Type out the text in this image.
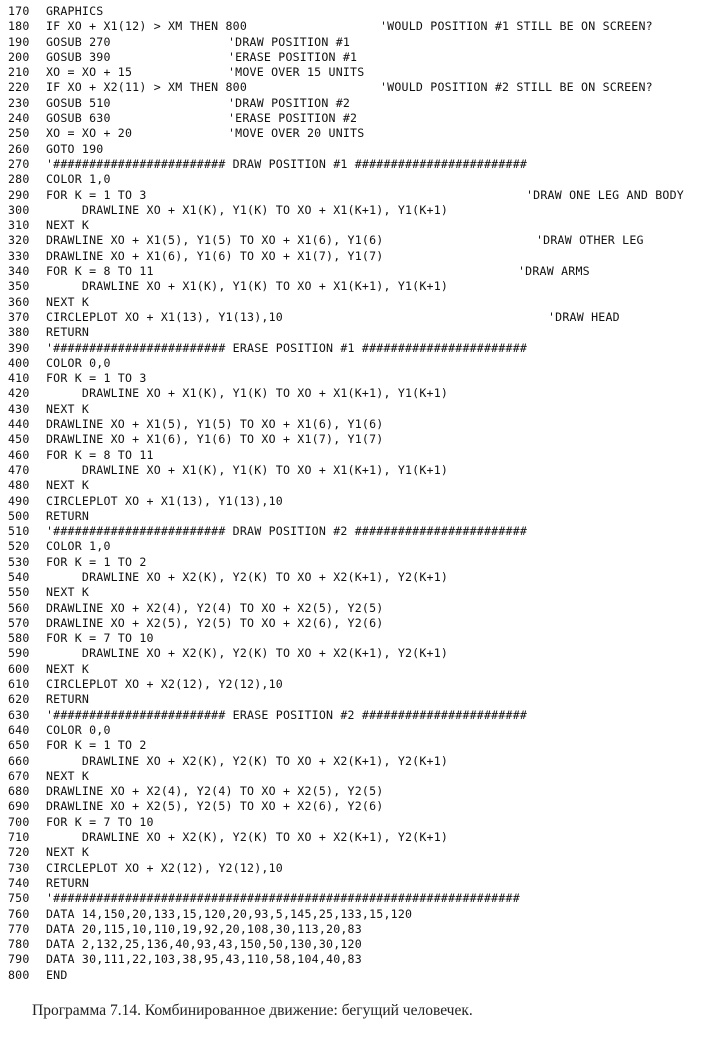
170	GRAPHICS
180	IF XO + X1(12) > XM THEN 800	'WOULD POSITION #1 STILL BE ON SCREEN?
190	GOSUB 270	'DRAW POSITION #1
200	GOSUB 390	'ERASE POSITION #1
210	XO = XO + 15	'MOVE OVER 15 UNITS
220	IF XO + X2(11) > XM THEN 800	'WOULD POSITION #2 STILL BE ON SCREEN?
230	GOSUB 510	'DRAW POSITION #2
240	GOSUB 630	'ERASE POSITION #2
250	XO = XO + 20	'MOVE OVER 20 UNITS
260	GOTO 190
270	'######################## DRAW POSITION #1 ########################
280	COLOR 1,0
290	FOR K = 1 TO 3	'DRAW ONE LEG AND BODY
300	DRAWLINE XO + X1(K), Y1(K) TO XO + X1(K+1), Y1(K+1)
310	NEXT K
320	DRAWLINE XO + X1(5), Y1(5) TO XO + X1(6), Y1(6)	'DRAW OTHER LEG
330	DRAWLINE XO + X1(6), Y1(6) TO XO + X1(7), Y1(7)
340	FOR K = 8 TO 11	'DRAW ARMS
350	DRAWLINE XO + X1(K), Y1(K) TO XO + X1(K+1), Y1(K+1)
360	NEXT K
370	CIRCLEPLOT XO + X1(13), Y1(13),10	'DRAW HEAD
380	RETURN
390	'######################## ERASE POSITION #1 #######################
400	COLOR 0,0
410	FOR K = 1 TO 3
420	DRAWLINE XO + X1(K), Y1(K) TO XO + X1(K+1), Y1(K+1)
430	NEXT K
440	DRAWLINE XO + X1(5), Y1(5) TO XO + X1(6), Y1(6)
450	DRAWLINE XO + X1(6), Y1(6) TO XO + X1(7), Y1(7)
460	FOR K = 8 TO 11
470	DRAWLINE XO + X1(K), Y1(K) TO XO + X1(K+1), Y1(K+1)
480	NEXT K
490	CIRCLEPLOT XO + X1(13), Y1(13),10
500	RETURN
510	'######################## DRAW POSITION #2 ########################
520	COLOR 1,0
530	FOR K = 1 TO 2
540	DRAWLINE XO + X2(K), Y2(K) TO XO + X2(K+1), Y2(K+1)
550	NEXT K
560	DRAWLINE XO + X2(4), Y2(4) TO XO + X2(5), Y2(5)
570	DRAWLINE XO + X2(5), Y2(5) TO XO + X2(6), Y2(6)
580	FOR K = 7 TO 10
590	DRAWLINE XO + X2(K), Y2(K) TO XO + X2(K+1), Y2(K+1)
600	NEXT K
610	CIRCLEPLOT XO + X2(12), Y2(12),10
620	RETURN
630	'######################## ERASE POSITION #2 #######################
640	COLOR 0,0
650	FOR K = 1 TO 2
660	DRAWLINE XO + X2(K), Y2(K) TO XO + X2(K+1), Y2(K+1)
670	NEXT K
680	DRAWLINE XO + X2(4), Y2(4) TO XO + X2(5), Y2(5)
690	DRAWLINE XO + X2(5), Y2(5) TO XO + X2(6), Y2(6)
700	FOR K = 7 TO 10
710	DRAWLINE XO + X2(K), Y2(K) TO XO + X2(K+1), Y2(K+1)
720	NEXT K
730	CIRCLEPLOT XO + X2(12), Y2(12),10
740	RETURN
750	'#################################################################
760	DATA 14,150,20,133,15,120,20,93,5,145,25,133,15,120
770	DATA 20,115,10,110,19,92,20,108,30,113,20,83
780	DATA 2,132,25,136,40,93,43,150,50,130,30,120
790	DATA 30,111,22,103,38,95,43,110,58,104,40,83
800	END
Программа 7.14. Комбинированное движение: бегущий человечек.
